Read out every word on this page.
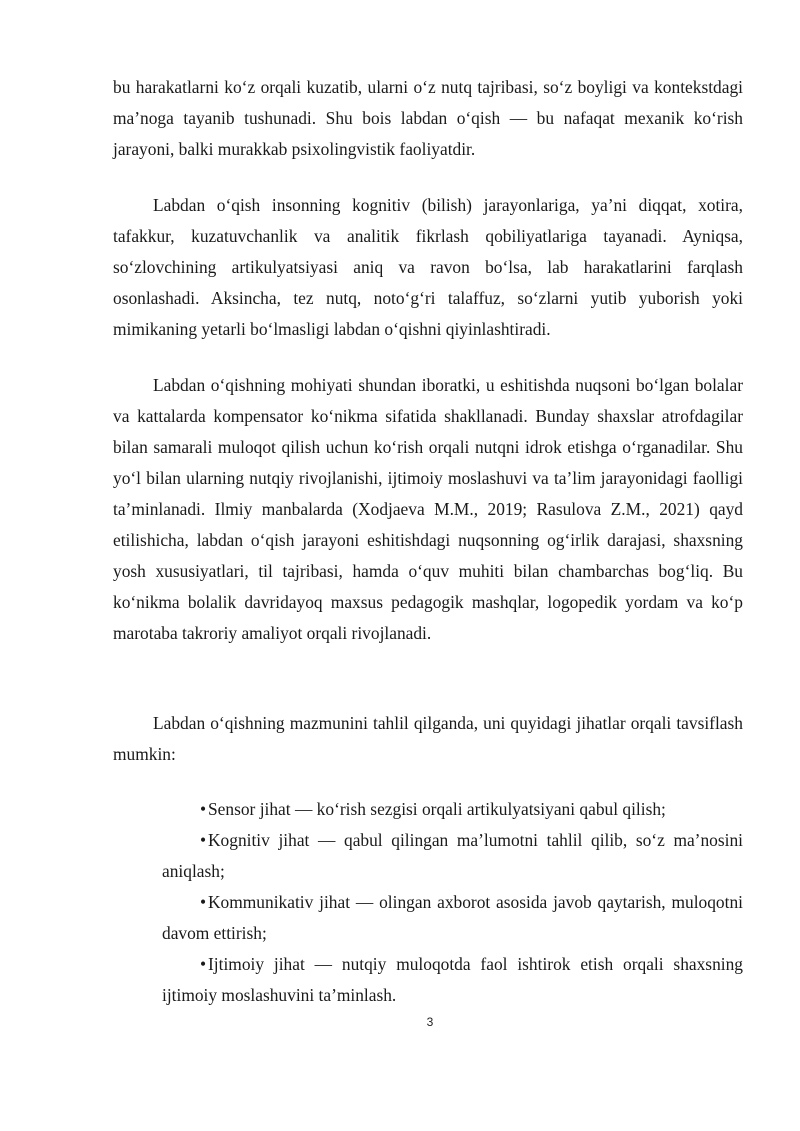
bu harakatlarni koʻz orqali kuzatib, ularni oʻz nutq tajribasi, soʻz boyligi va kontekstdagi maʼnoga tayanib tushunadi. Shu bois labdan oʻqish — bu nafaqat mexanik koʻrish jarayoni, balki murakkab psixolingvistik faoliyatdir.

Labdan oʻqish insonning kognitiv (bilish) jarayonlariga, yaʼni diqqat, xotira, tafakkur, kuzatuvchanlik va analitik fikrlash qobiliyatlariga tayanadi. Ayniqsa, soʻzlovchining artikulyatsiyasi aniq va ravon boʻlsa, lab harakatlarini farqlash osonlashadi. Aksincha, tez nutq, notoʻgʻri talaffuz, soʻzlarni yutib yuborish yoki mimikaning yetarli boʻlmasligi labdan oʻqishni qiyinlashtiradi.

Labdan oʻqishning mohiyati shundan iboratki, u eshitishda nuqsoni boʻlgan bolalar va kattalarda kompensator koʻnikma sifatida shakllanadi. Bunday shaxslar atrofdagilar bilan samarali muloqot qilish uchun koʻrish orqali nutqni idrok etishga oʻrganadilar. Shu yoʻl bilan ularning nutqiy rivojlanishi, ijtimoiy moslashuvi va taʼlim jarayonidagi faolligi taʼminlanadi. Ilmiy manbalarda (Xodjaeva M.M., 2019; Rasulova Z.M., 2021) qayd etilishicha, labdan oʻqish jarayoni eshitishdagi nuqsonning ogʻirlik darajasi, shaxsning yosh xususiyatlari, til tajribasi, hamda oʻquv muhiti bilan chambarchas bogʻliq. Bu koʻnikma bolalik davridayoq maxsus pedagogik mashqlar, logopedik yordam va koʻp marotaba takroriy amaliyot orqali rivojlanadi.

Labdan oʻqishning mazmunini tahlil qilganda, uni quyidagi jihatlar orqali tavsiflash mumkin:

• Sensor jihat — koʻrish sezgisi orqali artikulyatsiyani qabul qilish;
• Kognitiv jihat — qabul qilingan maʼlumotni tahlil qilib, soʻz maʼnosini aniqlash;
• Kommunikativ jihat — olingan axborot asosida javob qaytarish, muloqotni davom ettirish;
• Ijtimoiy jihat — nutqiy muloqotda faol ishtirok etish orqali shaxsning ijtimoiy moslashuvini taʼminlash.
3
